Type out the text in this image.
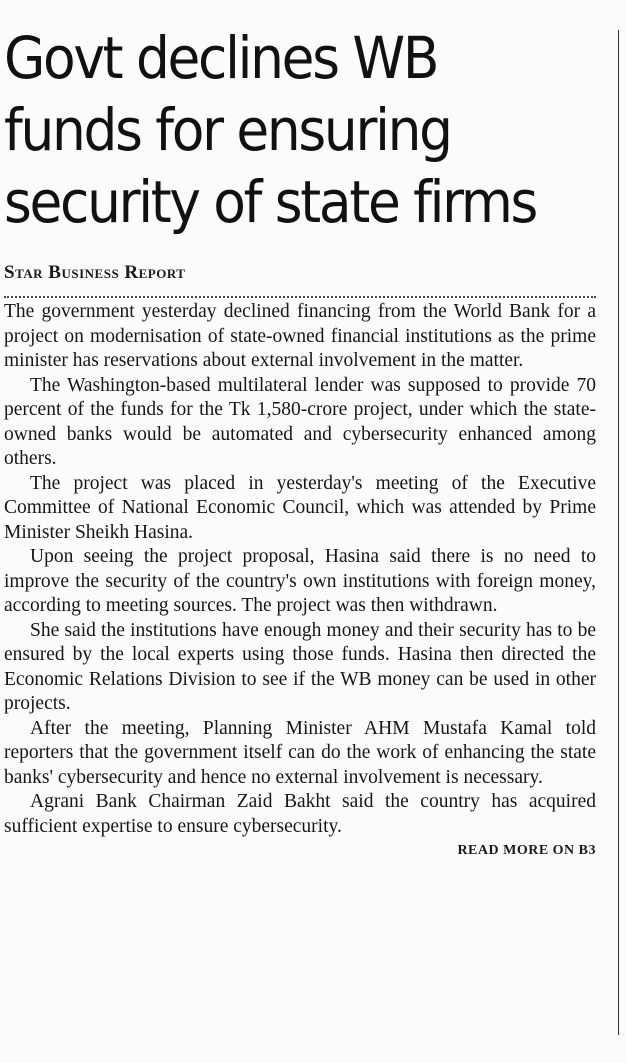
Govt declines WB
funds for ensuring
security of state firms
Star Business Report

The government yesterday declined financing from the World Bank for a project on modernisation of state-owned financial institutions as the prime minister has reservations about external involvement in the matter.

The Washington-based multilateral lender was supposed to provide 70 percent of the funds for the Tk 1,580-crore project, under which the state-owned banks would be automated and cybersecurity enhanced among others.

The project was placed in yesterday's meeting of the Executive Committee of National Economic Council, which was attended by Prime Minister Sheikh Hasina.

Upon seeing the project proposal, Hasina said there is no need to improve the security of the country's own institutions with foreign money, according to meeting sources. The project was then withdrawn.

She said the institutions have enough money and their security has to be ensured by the local experts using those funds. Hasina then directed the Economic Relations Division to see if the WB money can be used in other projects.

After the meeting, Planning Minister AHM Mustafa Kamal told reporters that the government itself can do the work of enhancing the state banks' cybersecurity and hence no external involvement is necessary.

Agrani Bank Chairman Zaid Bakht said the country has acquired sufficient expertise to ensure cybersecurity.

READ MORE ON B3
